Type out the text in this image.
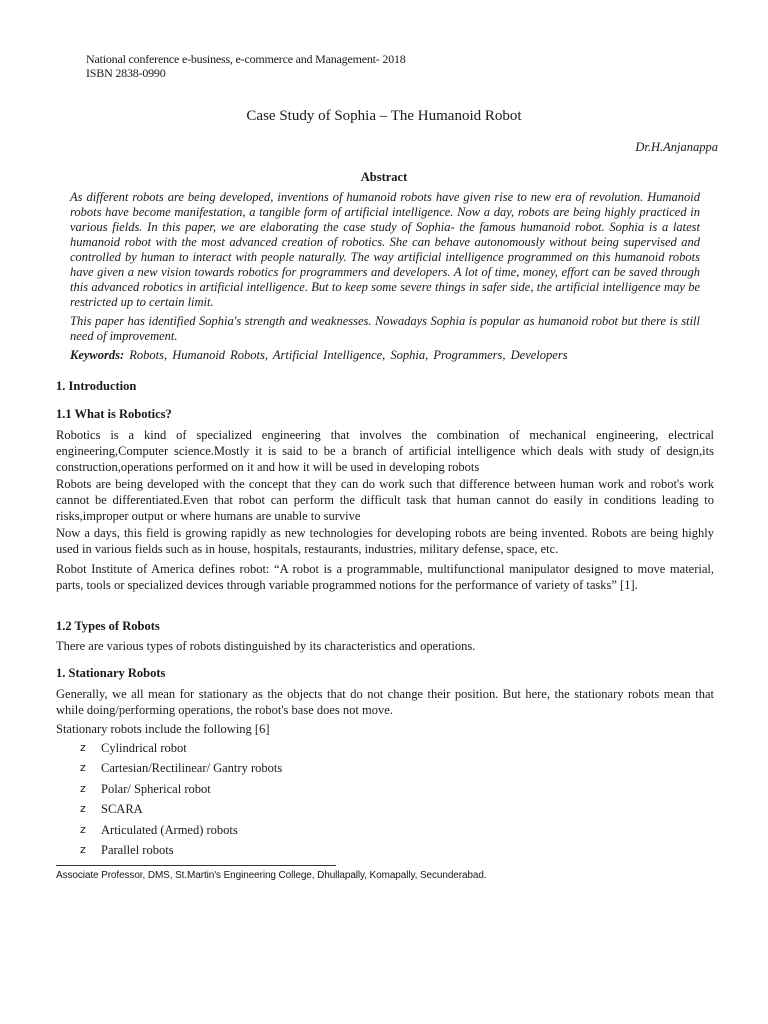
National conference e-business, e-commerce and Management- 2018
ISBN 2838-0990
Case Study of Sophia – The Humanoid Robot
Dr.H.Anjanappa
Abstract

As different robots are being developed, inventions of humanoid robots have given rise to new era of revolution. Humanoid robots have become manifestation, a tangible form of artificial intelligence. Now a day, robots are being highly practiced in various fields. In this paper, we are elaborating the case study of Sophia- the famous humanoid robot. Sophia is a latest humanoid robot with the most advanced creation of robotics. She can behave autonomously without being supervised and controlled by human to interact with people naturally. The way artificial intelligence programmed on this humanoid robots have given a new vision towards robotics for programmers and developers. A lot of time, money, effort can be saved through this advanced robotics in artificial intelligence. But to keep some severe things in safer side, the artificial intelligence may be restricted up to certain limit.

This paper has identified Sophia's strength and weaknesses. Nowadays Sophia is popular as humanoid robot but there is still need of improvement.

Keywords: Robots, Humanoid Robots, Artificial Intelligence, Sophia, Programmers, Developers
1. Introduction
1.1 What is Robotics?

Robotics is a kind of specialized engineering that involves the combination of mechanical engineering, electrical engineering,Computer science.Mostly it is said to be a branch of artificial intelligence which deals with study of design,its construction,operations performed on it and how it will be used in developing robots

Robots are being developed with the concept that they can do work such that difference between human work and robot's work cannot be differentiated.Even that robot can perform the difficult task that human cannot do easily in conditions leading to risks,improper output or where humans are unable to survive

Now a days, this field is growing rapidly as new technologies for developing robots are being invented. Robots are being highly used in various fields such as in house, hospitals, restaurants, industries, military defense, space, etc.

Robot Institute of America defines robot: “A robot is a programmable, multifunctional manipulator designed to move material, parts, tools or specialized devices through variable programmed notions for the performance of variety of tasks” [1].

1.2 Types of Robots

There are various types of robots distinguished by its characteristics and operations.

1. Stationary Robots

Generally, we all mean for stationary as the objects that do not change their position. But here, the stationary robots mean that while doing/performing operations, the robot's base does not move.

Stationary robots include the following [6]

z	Cylindrical robot
z	Cartesian/Rectilinear/ Gantry robots
z	Polar/ Spherical robot
z	SCARA
z	Articulated (Armed) robots
z	Parallel robots
Associate Professor, DMS, St.Martin's Engineering College, Dhullapally, Komapally, Secunderabad.
